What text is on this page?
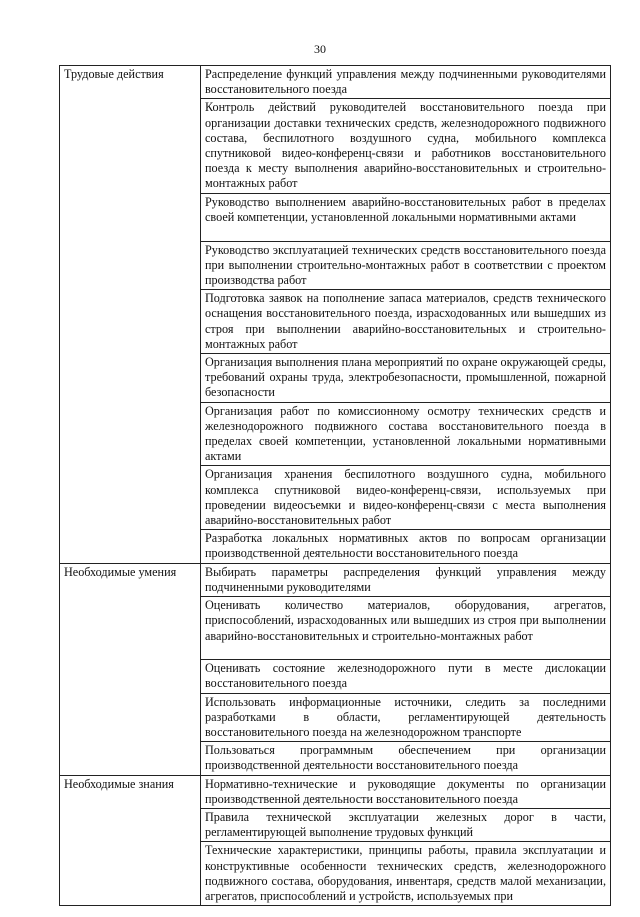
30
Трудовые действия	Распределение функций управления между подчиненными руководителями восстановительного поезда
	Контроль действий руководителей восстановительного поезда при организации доставки технических средств, железнодорожного подвижного состава, беспилотного воздушного судна, мобильного комплекса спутниковой видео-конференц-связи и работников восстановительного поезда к месту выполнения аварийно-восстановительных и строительно-монтажных работ
	Руководство выполнением аварийно-восстановительных работ в пределах своей компетенции, установленной локальными нормативными актами
	Руководство эксплуатацией технических средств восстановительного поезда при выполнении строительно-монтажных работ в соответствии с проектом производства работ
	Подготовка заявок на пополнение запаса материалов, средств технического оснащения восстановительного поезда, израсходованных или вышедших из строя при выполнении аварийно-восстановительных и строительно-монтажных работ
	Организация выполнения плана мероприятий по охране окружающей среды, требований охраны труда, электробезопасности, промышленной, пожарной безопасности
	Организация работ по комиссионному осмотру технических средств и железнодорожного подвижного состава восстановительного поезда в пределах своей компетенции, установленной локальными нормативными актами
	Организация хранения беспилотного воздушного судна, мобильного комплекса спутниковой видео-конференц-связи, используемых при проведении видеосъемки и видео-конференц-связи с места выполнения аварийно-восстановительных работ
	Разработка локальных нормативных актов по вопросам организации производственной деятельности восстановительного поезда
Необходимые умения	Выбирать параметры распределения функций управления между подчиненными руководителями
	Оценивать количество материалов, оборудования, агрегатов, приспособлений, израсходованных или вышедших из строя при выполнении аварийно-восстановительных и строительно-монтажных работ
	Оценивать состояние железнодорожного пути в месте дислокации восстановительного поезда
	Использовать информационные источники, следить за последними разработками в области, регламентирующей деятельность восстановительного поезда на железнодорожном транспорте
	Пользоваться программным обеспечением при организации производственной деятельности восстановительного поезда
Необходимые знания	Нормативно-технические и руководящие документы по организации производственной деятельности восстановительного поезда
	Правила технической эксплуатации железных дорог в части, регламентирующей выполнение трудовых функций
	Технические характеристики, принципы работы, правила эксплуатации и конструктивные особенности технических средств, железнодорожного подвижного состава, оборудования, инвентаря, средств малой механизации, агрегатов, приспособлений и устройств, используемых при
